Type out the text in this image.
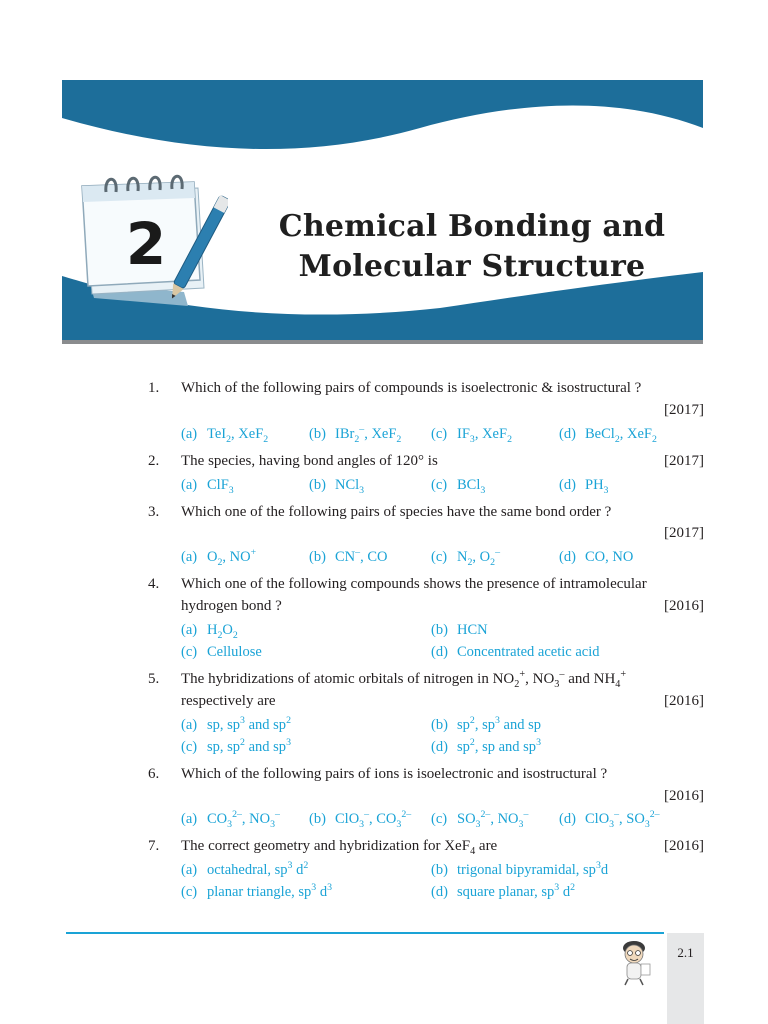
2	Chemical Bonding and
Molecular Structure
1. Which of the following pairs of compounds is isoelectronic & isostructural ?
[2017]
(a) TeI$_2$, XeF$_2$	(b) IBr$_2$–, XeF$_2$ (c) $IF_3$, XeF$_2$	(d) BeCl$_2$, XeF$_2$
2. The species, having bond angles of 120° is	[2017]
(a) ClF$_3$	(b) NCl$_3$	(c) BCl$_3$	(d) $PH_3$
3. Which one of the following pairs of species have the same bond order ?
[2017]
(a) $O_2$, NO+	(b) CN–, CO	(c) $N_2$, $O_2^-$	(d) CO, NO
4. Which one of the following compounds shows the presence of intramolecular
hydrogen bond ?	[2016]
(a) $H_2O_2$	(b) HCN
(c) Cellulose	(d) Concentrated acetic acid
5. The hybridizations of atomic orbitals of nitrogen in $NO_2^+$, $NO_3^-$ and $NH_4^+$
respectively are	[2016]
(a) sp, $sp^3$ and $sp^2$	(b) $sp^2$, $sp^3$ and sp
(c) sp, $sp^2$ and $sp^3$	(d) $sp^2$, sp and $sp^3$
6. Which of the following pairs of ions is isoelectronic and isostructural ?
[2016]
(a) $CO_3^{2-}$, $NO_3^-$ (b) ClO$_3$–, $CO_3^{2-}$ (c) $SO_3^{2-}$, $NO_3^-$ (d) ClO$_3$–, $SO_3^{2-}$
7. The correct geometry and hybridization for XeF$_4$ are	[2016]
(a) octahedral, $sp^3$ $d^2$	(b) trigonal bipyramidal, $sp^3d$
(c) planar triangle, $sp^3$ $d^3$	(d) square planar, $sp^3$ $d^2$
2.1
